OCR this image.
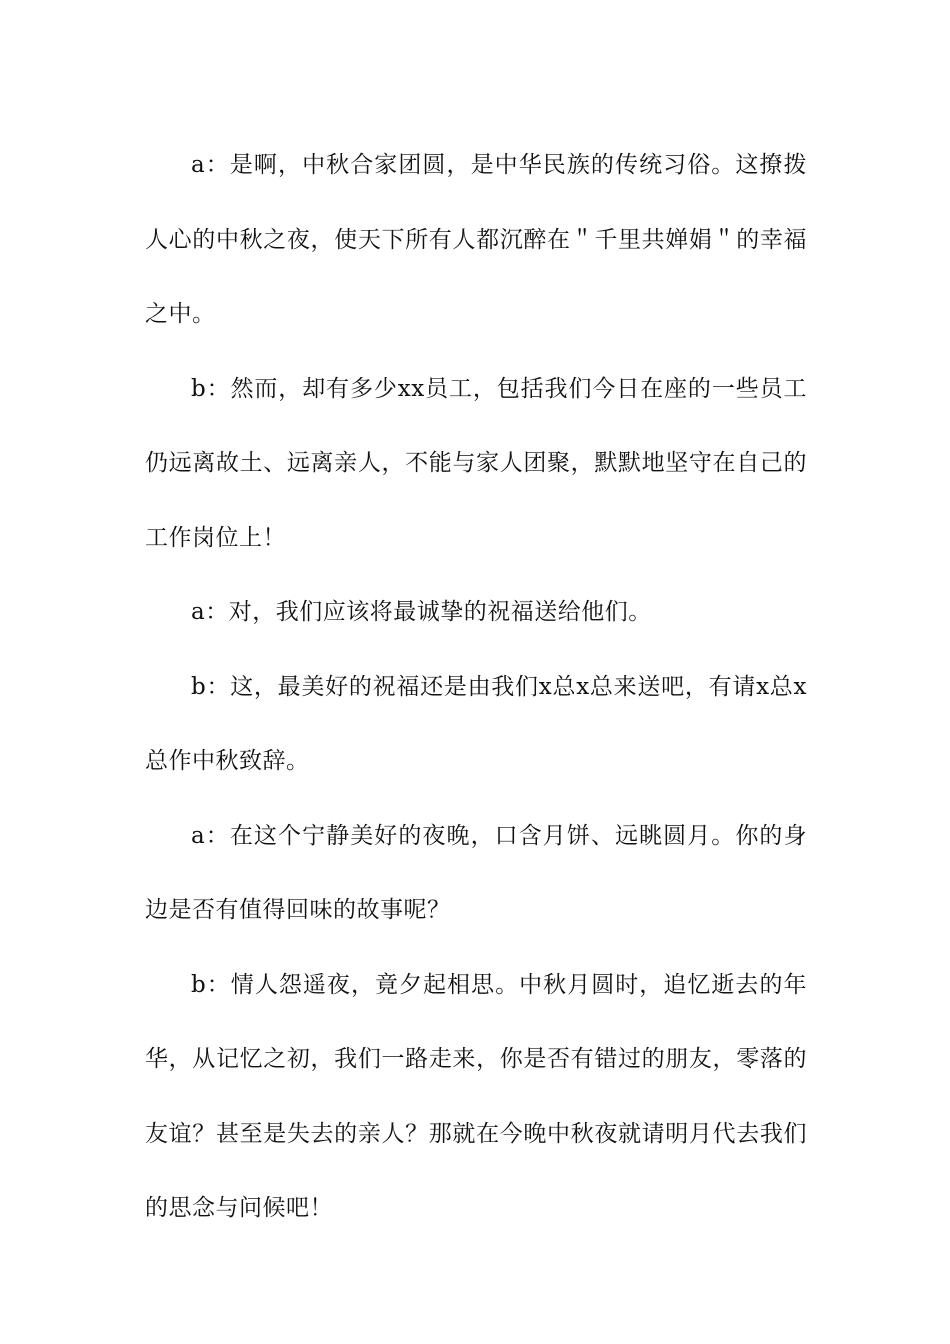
a：是啊，中秋合家团圆，是中华民族的传统习俗。这撩拨人心的中秋之夜，使天下所有人都沉醉在＂千里共婵娟＂的幸福之中。

b：然而，却有多少xx员工，包括我们今日在座的一些员工仍远离故土、远离亲人，不能与家人团聚，默默地坚守在自己的工作岗位上！

a：对，我们应该将最诚挚的祝福送给他们。

b：这，最美好的祝福还是由我们x总x总来送吧，有请x总x总作中秋致辞。

a：在这个宁静美好的夜晚，口含月饼、远眺圆月。你的身边是否有值得回味的故事呢？

b：情人怨遥夜，竟夕起相思。中秋月圆时，追忆逝去的年华，从记忆之初，我们一路走来，你是否有错过的朋友，零落的友谊？甚至是失去的亲人？那就在今晚中秋夜就请明月代去我们的思念与问候吧！
